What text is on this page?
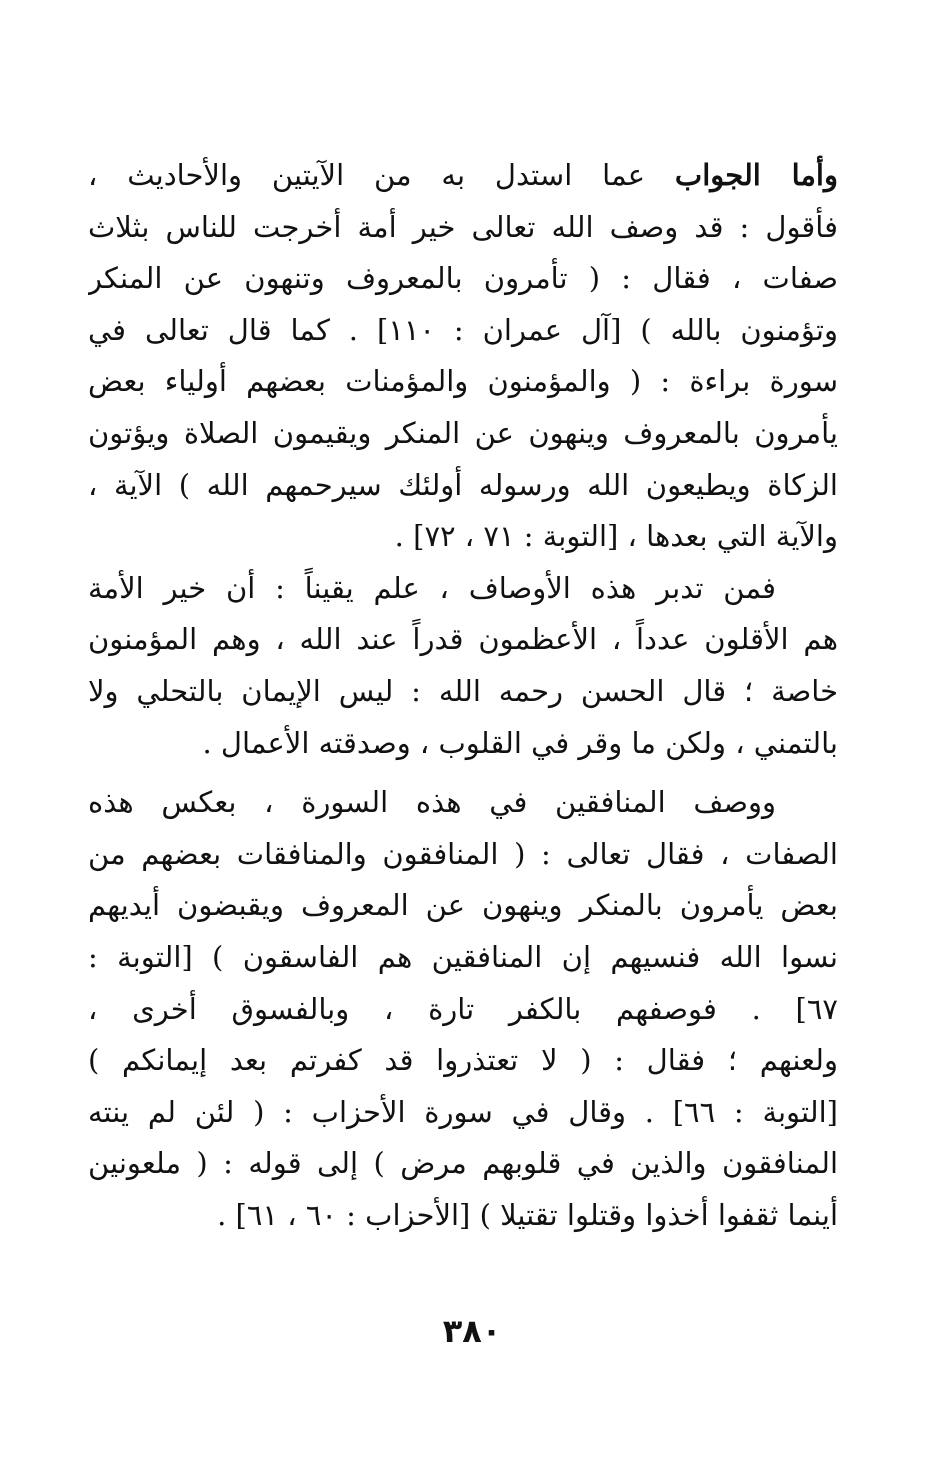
وأما الجواب عما استدل به من الآيتين والأحاديث ،
فأقول : قد وصف الله تعالى خير أمة أخرجت للناس بثلاث
صفات ، فقال : ( تأمرون بالمعروف وتنهون عن المنكر
وتؤمنون بالله ) [آل عمران : ١١٠] . كما قال تعالى في
سورة براءة : ( والمؤمنون والمؤمنات بعضهم أولياء بعض
يأمرون بالمعروف وينهون عن المنكر ويقيمون الصلاة ويؤتون
الزكاة ويطيعون الله ورسوله أولئك سيرحمهم الله ) الآية ،
والآية التي بعدها ، [التوبة : ٧١ ، ٧٢] .
فمن تدبر هذه الأوصاف ، علم يقيناً : أن خير الأمة
هم الأقلون عدداً ، الأعظمون قدراً عند الله ، وهم المؤمنون
خاصة ؛ قال الحسن رحمه الله : ليس الإيمان بالتحلي ولا
بالتمني ، ولكن ما وقر في القلوب ، وصدقته الأعمال .
ووصف المنافقين في هذه السورة ، بعكس هذه
الصفات ، فقال تعالى : ( المنافقون والمنافقات بعضهم من
بعض يأمرون بالمنكر وينهون عن المعروف ويقبضون أيديهم
نسوا الله فنسيهم إن المنافقين هم الفاسقون ) [التوبة :
٦٧] . فوصفهم بالكفر تارة ، وبالفسوق أخرى ،
ولعنهم ؛ فقال : ( لا تعتذروا قد كفرتم بعد إيمانكم )
[التوبة : ٦٦] . وقال في سورة الأحزاب : ( لئن لم ينته
المنافقون والذين في قلوبهم مرض ) إلى قوله : ( ملعونين
أينما ثقفوا أخذوا وقتلوا تقتيلا ) [الأحزاب : ٦٠ ، ٦١] .
٣٨٠
